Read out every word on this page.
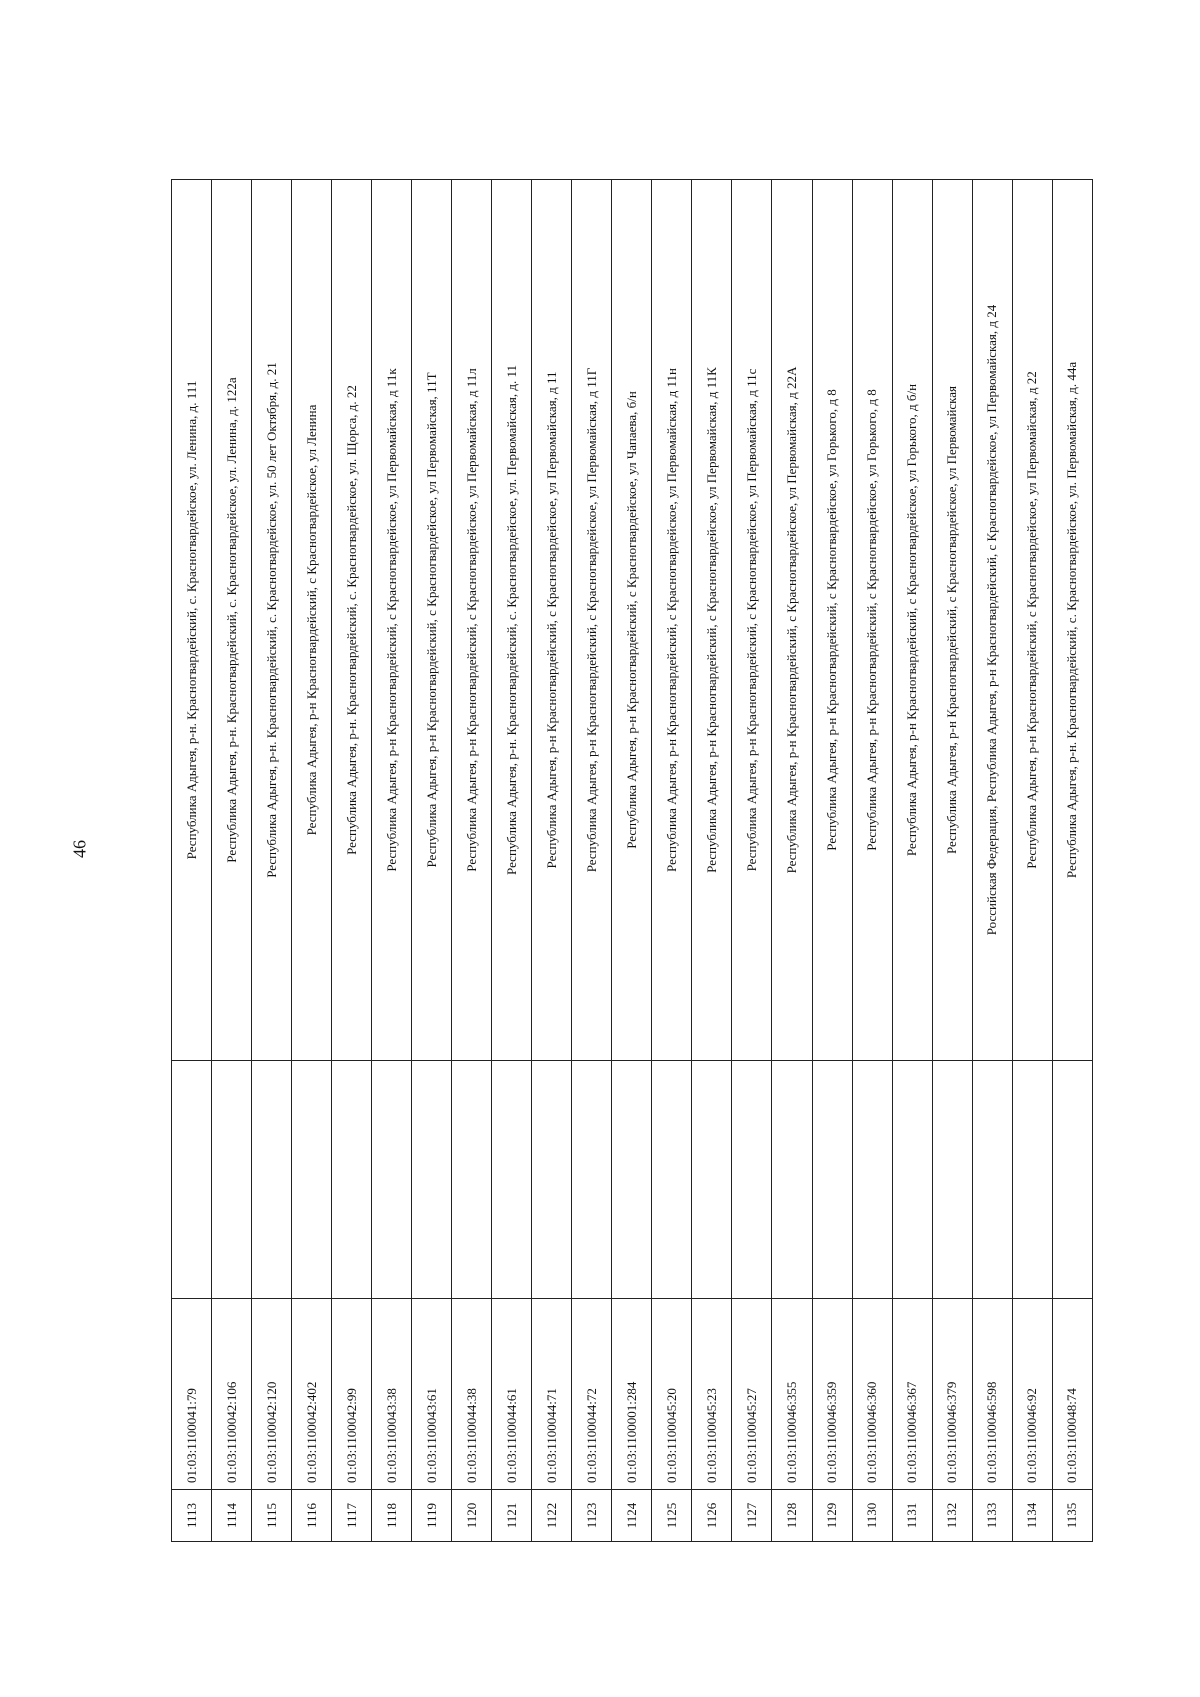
46
1113	01:03:1100041:79		Республика Адыгея, р-н. Красногвардейский, с. Красногвардейское, ул. Ленина, д. 111
1114	01:03:1100042:106		Республика Адыгея, р-н. Красногвардейский, с. Красногвардейское, ул. Ленина, д. 122а
1115	01:03:1100042:120		Республика Адыгея, р-н. Красногвардейский, с. Красногвардейское, ул. 50 лет Октября, д. 21
1116	01:03:1100042:402		Республика Адыгея, р-н Красногвардейский, с Красногвардейское, ул Ленина
1117	01:03:1100042:99		Республика Адыгея, р-н. Красногвардейский, с. Красногвардейское, ул. Щорса, д. 22
1118	01:03:1100043:38		Республика Адыгея, р-н Красногвардейский, с Красногвардейское, ул Первомайская, д 11к
1119	01:03:1100043:61		Республика Адыгея, р-н Красногвардейский, с Красногвардейское, ул Первомайская, 11Т
1120	01:03:1100044:38		Республика Адыгея, р-н Красногвардейский, с Красногвардейское, ул Первомайская, д 11л
1121	01:03:1100044:61		Республика Адыгея, р-н. Красногвардейский, с. Красногвардейское, ул. Первомайская, д. 11
1122	01:03:1100044:71		Республика Адыгея, р-н Красногвардейский, с Красногвардейское, ул Первомайская, д 11
1123	01:03:1100044:72		Республика Адыгея, р-н Красногвардейский, с Красногвардейское, ул Первомайская, д 11Г
1124	01:03:1100001:284		Республика Адыгея, р-н Красногвардейский, с Красногвардейское, ул Чапаева, б/н
1125	01:03:1100045:20		Республика Адыгея, р-н Красногвардейский, с Красногвардейское, ул Первомайская, д 11н
1126	01:03:1100045:23		Республика Адыгея, р-н Красногвардейский, с Красногвардейское, ул Первомайская, д 11К
1127	01:03:1100045:27		Республика Адыгея, р-н Красногвардейский, с Красногвардейское, ул Первомайская, д 11с
1128	01:03:1100046:355		Республика Адыгея, р-н Красногвардейский, с Красногвардейское, ул Первомайская, д 22А
1129	01:03:1100046:359		Республика Адыгея, р-н Красногвардейский, с Красногвардейское, ул Горького, д 8
1130	01:03:1100046:360		Республика Адыгея, р-н Красногвардейский, с Красногвардейское, ул Горького, д 8
1131	01:03:1100046:367		Республика Адыгея, р-н Красногвардейский, с Красногвардейское, ул Горького, д б/н
1132	01:03:1100046:379		Республика Адыгея, р-н Красногвардейский, с Красногвардейское, ул Первомайская
1133	01:03:1100046:598		Российская Федерация, Республика Адыгея, р-н Красногвардейский, с Красногвардейское, ул Первомайская, д 24
1134	01:03:1100046:92		Республика Адыгея, р-н Красногвардейский, с Красногвардейское, ул Первомайская, д 22
1135	01:03:1100048:74		Республика Адыгея, р-н. Красногвардейский, с. Красногвардейское, ул. Первомайская, д. 44а
